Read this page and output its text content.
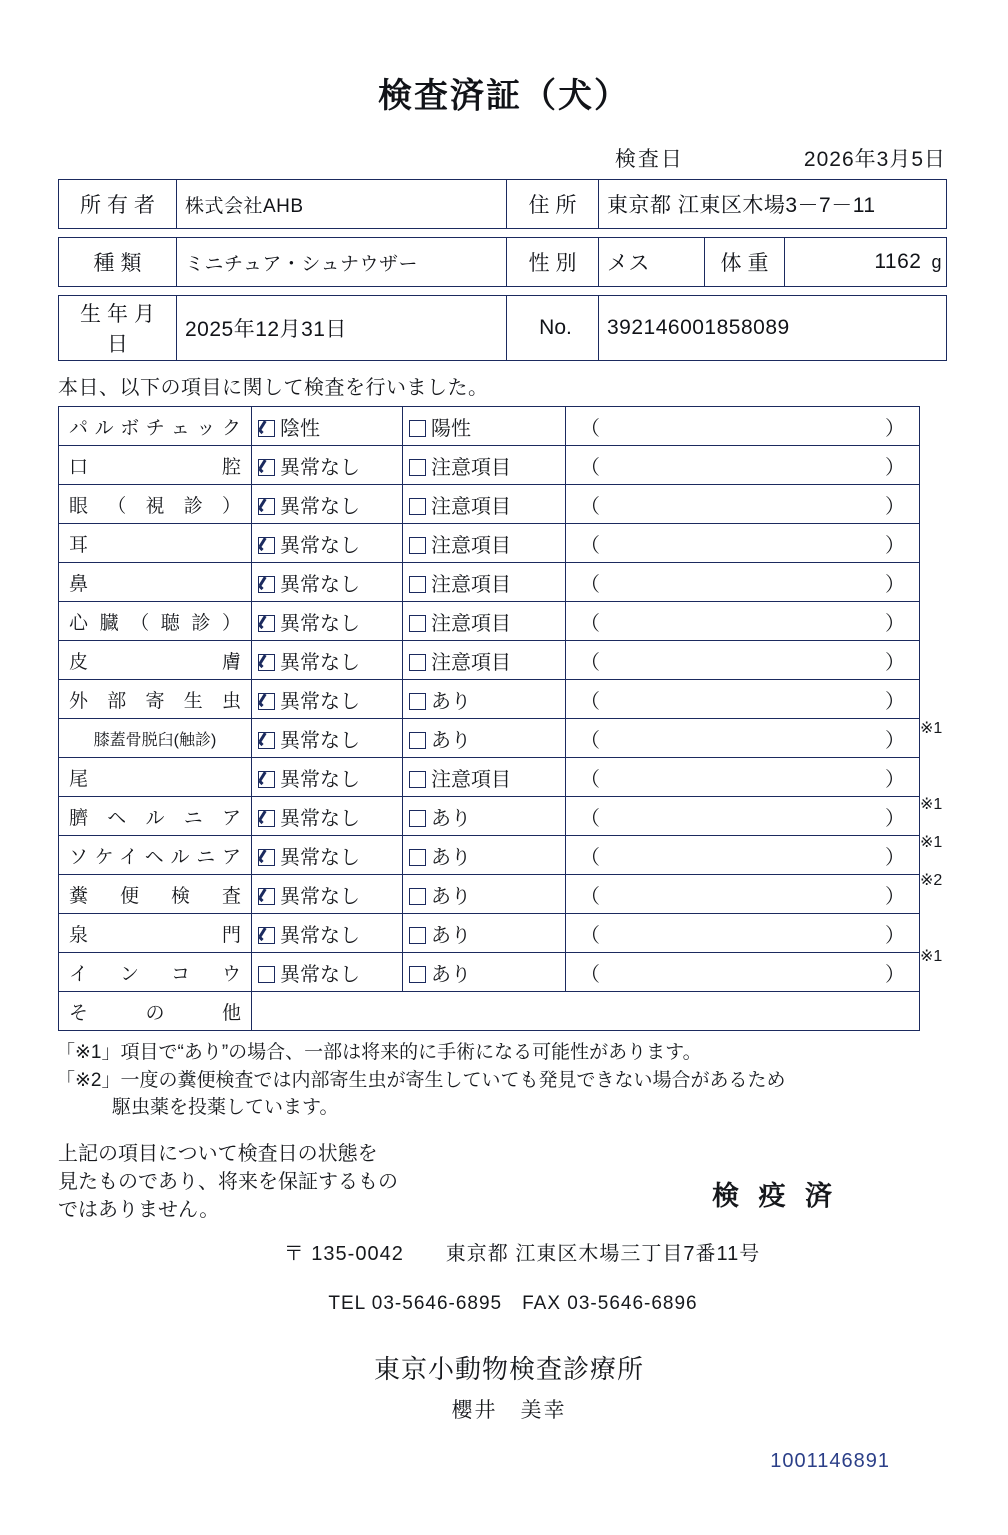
検査済証（犬）
検査日	2026年3月5日
所有者	株式会社AHB	住所	東京都 江東区木場3－7－11
種類	ミニチュア・シュナウザー	性別	メス	体重	1162 g
生年月日	2025年12月31日	No.	392146001858089
本日、以下の項目に関して検査を行いました。
パルボチェック	陰性	陽性	（ ）

口腔	異常なし	注意項目	（ ）

眼（視診）	異常なし	注意項目	（ ）

耳	異常なし	注意項目	（ ）

鼻	異常なし	注意項目	（ ）

心臓（聴診）	異常なし	注意項目	（ ）

皮膚	異常なし	注意項目	（ ）

外部寄生虫	異常なし	あり	（ ）

膝蓋骨脱臼(触診)	異常なし	あり	（ ）

尾	異常なし	注意項目	（ ）

臍ヘルニア	異常なし	あり	（ ）

ソケイヘルニア	異常なし	あり	（ ）

糞便検査	異常なし	あり	（ ）

泉門	異常なし	あり	（ ）

インコウ	異常なし	あり	（ ）

その他			
※1
※1
※1
※2
※1
「※1」項目で“あり”の場合、一部は将来的に手術になる可能性があります。
「※2」一度の糞便検査では内部寄生虫が寄生していても発見できない場合があるため
駆虫薬を投薬しています。
上記の項目について検査日の状態を
見たものであり、将来を保証するもの
ではありません。	検 疫 済
〒 135-0042　　東京都 江東区木場三丁目7番11号
TEL 03-5646-6895　FAX 03-5646-6896
東京小動物検査診療所
櫻井　美幸
1001146891
